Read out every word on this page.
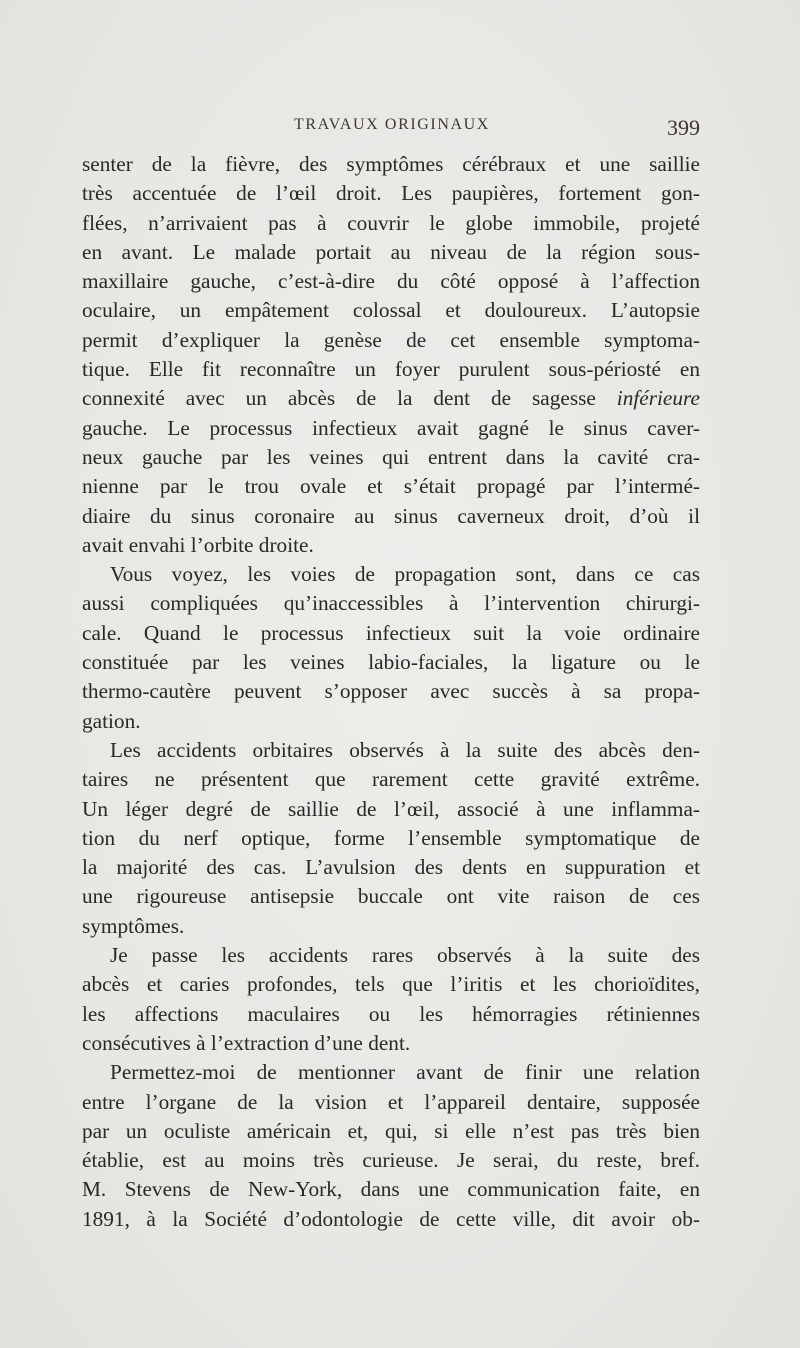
TRAVAUX ORIGINAUX	399
senter de la fièvre, des symptômes cérébraux et une saillie
très accentuée de l’œil droit. Les paupières, fortement gon-
flées, n’arrivaient pas à couvrir le globe immobile, projeté
en avant. Le malade portait au niveau de la région sous-
maxillaire gauche, c’est-à-dire du côté opposé à l’affection
oculaire, un empâtement colossal et douloureux. L’autopsie
permit d’expliquer la genèse de cet ensemble symptoma-
tique. Elle fit reconnaître un foyer purulent sous-périosté en
connexité avec un abcès de la dent de sagesse inférieure
gauche. Le processus infectieux avait gagné le sinus caver-
neux gauche par les veines qui entrent dans la cavité cra-
nienne par le trou ovale et s’était propagé par l’intermé-
diaire du sinus coronaire au sinus caverneux droit, d’où il
avait envahi l’orbite droite.
Vous voyez, les voies de propagation sont, dans ce cas
aussi compliquées qu’inaccessibles à l’intervention chirurgi-
cale. Quand le processus infectieux suit la voie ordinaire
constituée par les veines labio-faciales, la ligature ou le
thermo-cautère peuvent s’opposer avec succès à sa propa-
gation.
Les accidents orbitaires observés à la suite des abcès den-
taires ne présentent que rarement cette gravité extrême.
Un léger degré de saillie de l’œil, associé à une inflamma-
tion du nerf optique, forme l’ensemble symptomatique de
la majorité des cas. L’avulsion des dents en suppuration et
une rigoureuse antisepsie buccale ont vite raison de ces
symptômes.
Je passe les accidents rares observés à la suite des
abcès et caries profondes, tels que l’iritis et les chorioïdites,
les affections maculaires ou les hémorragies rétiniennes
consécutives à l’extraction d’une dent.
Permettez-moi de mentionner avant de finir une relation
entre l’organe de la vision et l’appareil dentaire, supposée
par un oculiste américain et, qui, si elle n’est pas très bien
établie, est au moins très curieuse. Je serai, du reste, bref.
M. Stevens de New-York, dans une communication faite, en
1891, à la Société d’odontologie de cette ville, dit avoir ob-
